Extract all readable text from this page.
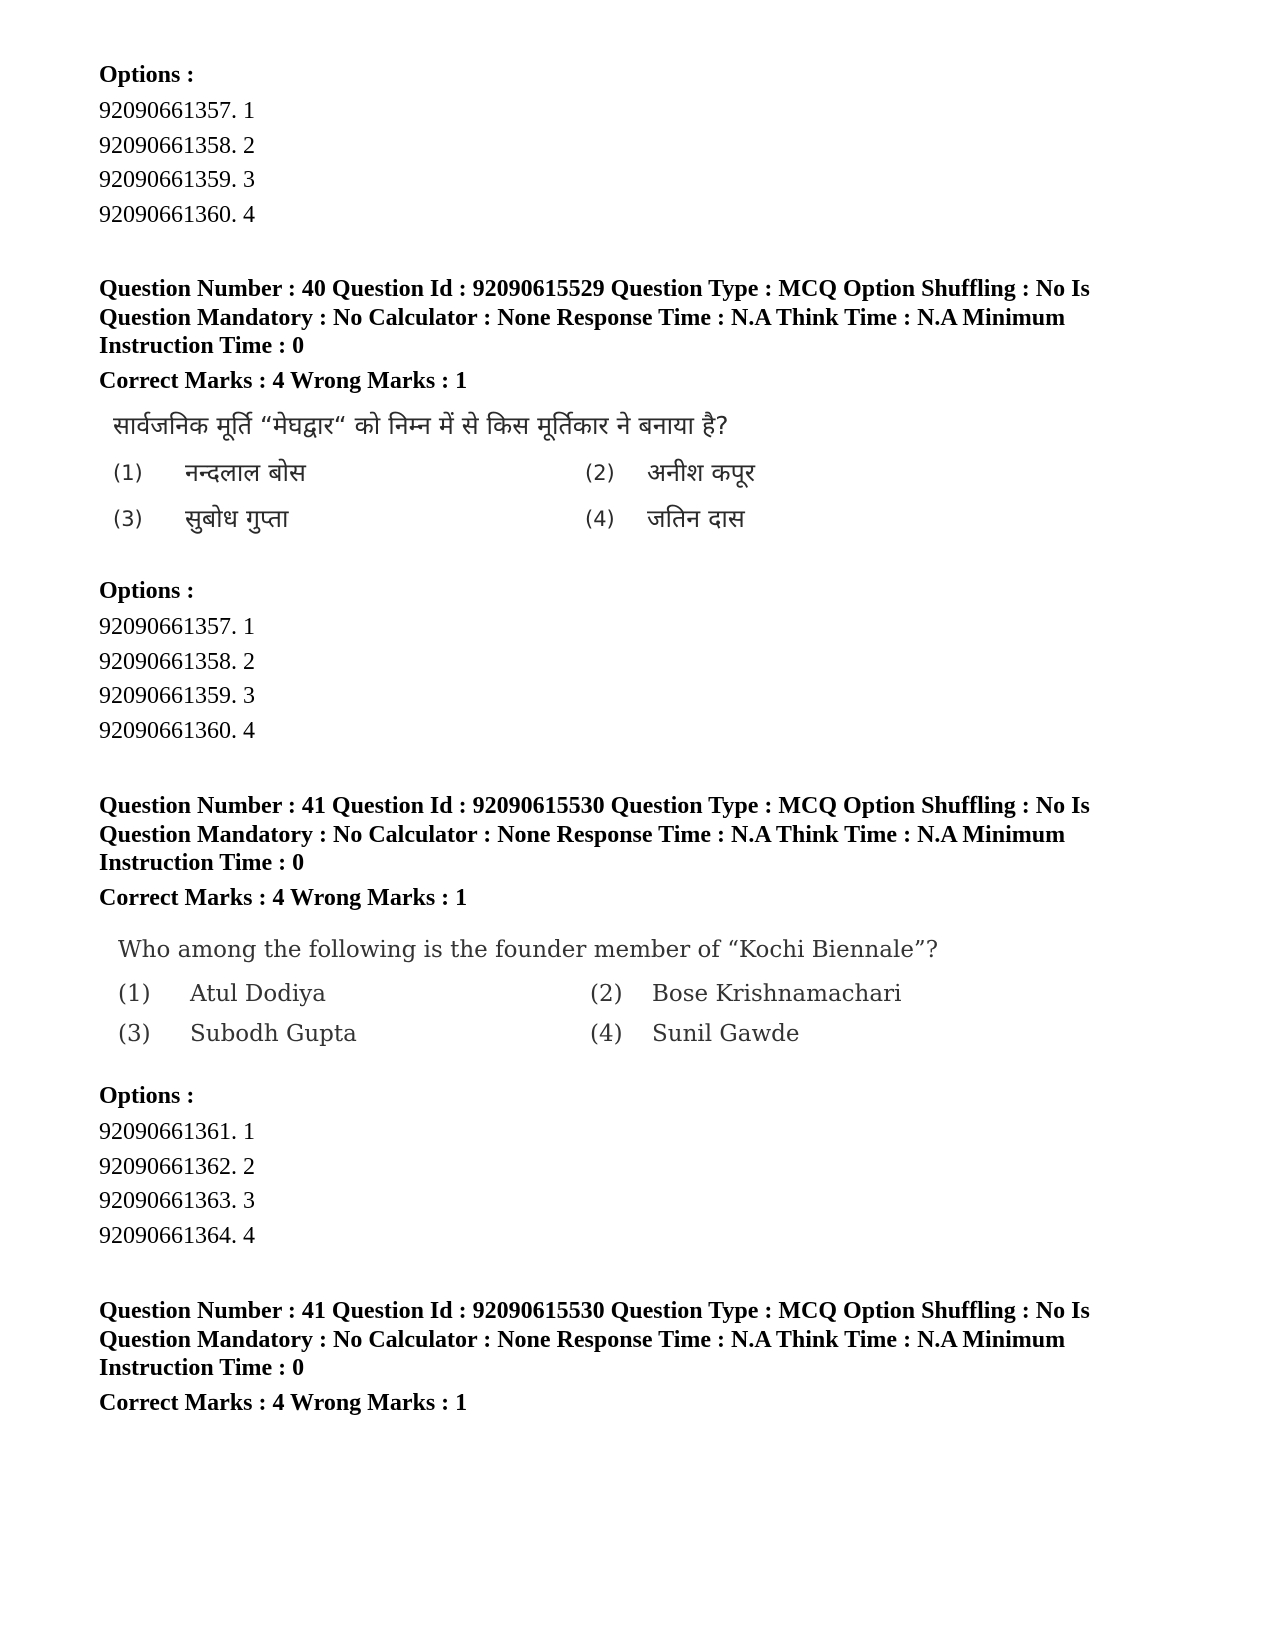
Options :

92090661357. 1

92090661358. 2

92090661359. 3

92090661360. 4

Question Number : 40 Question Id : 92090615529 Question Type : MCQ Option Shuffling : No Is Question Mandatory : No Calculator : None Response Time : N.A Think Time : N.A Minimum Instruction Time : 0

Correct Marks : 4 Wrong Marks : 1

सार्वजनिक मूर्ति “मेघद्वार“ को निम्न में से किस मूर्तिकार ने बनाया है?

(1)	नन्दलाल बोस	(2)	अनीश कपूर
(3)	सुबोध गुप्ता	(4)	जतिन दास

Options :

92090661357. 1

92090661358. 2

92090661359. 3

92090661360. 4

Question Number : 41 Question Id : 92090615530 Question Type : MCQ Option Shuffling : No Is Question Mandatory : No Calculator : None Response Time : N.A Think Time : N.A Minimum Instruction Time : 0

Correct Marks : 4 Wrong Marks : 1

Who among the following is the founder member of “Kochi Biennale”?

(1)	Atul Dodiya	(2)	Bose Krishnamachari
(3)	Subodh Gupta	(4)	Sunil Gawde

Options :

92090661361. 1

92090661362. 2

92090661363. 3

92090661364. 4

Question Number : 41 Question Id : 92090615530 Question Type : MCQ Option Shuffling : No Is Question Mandatory : No Calculator : None Response Time : N.A Think Time : N.A Minimum Instruction Time : 0

Correct Marks : 4 Wrong Marks : 1
